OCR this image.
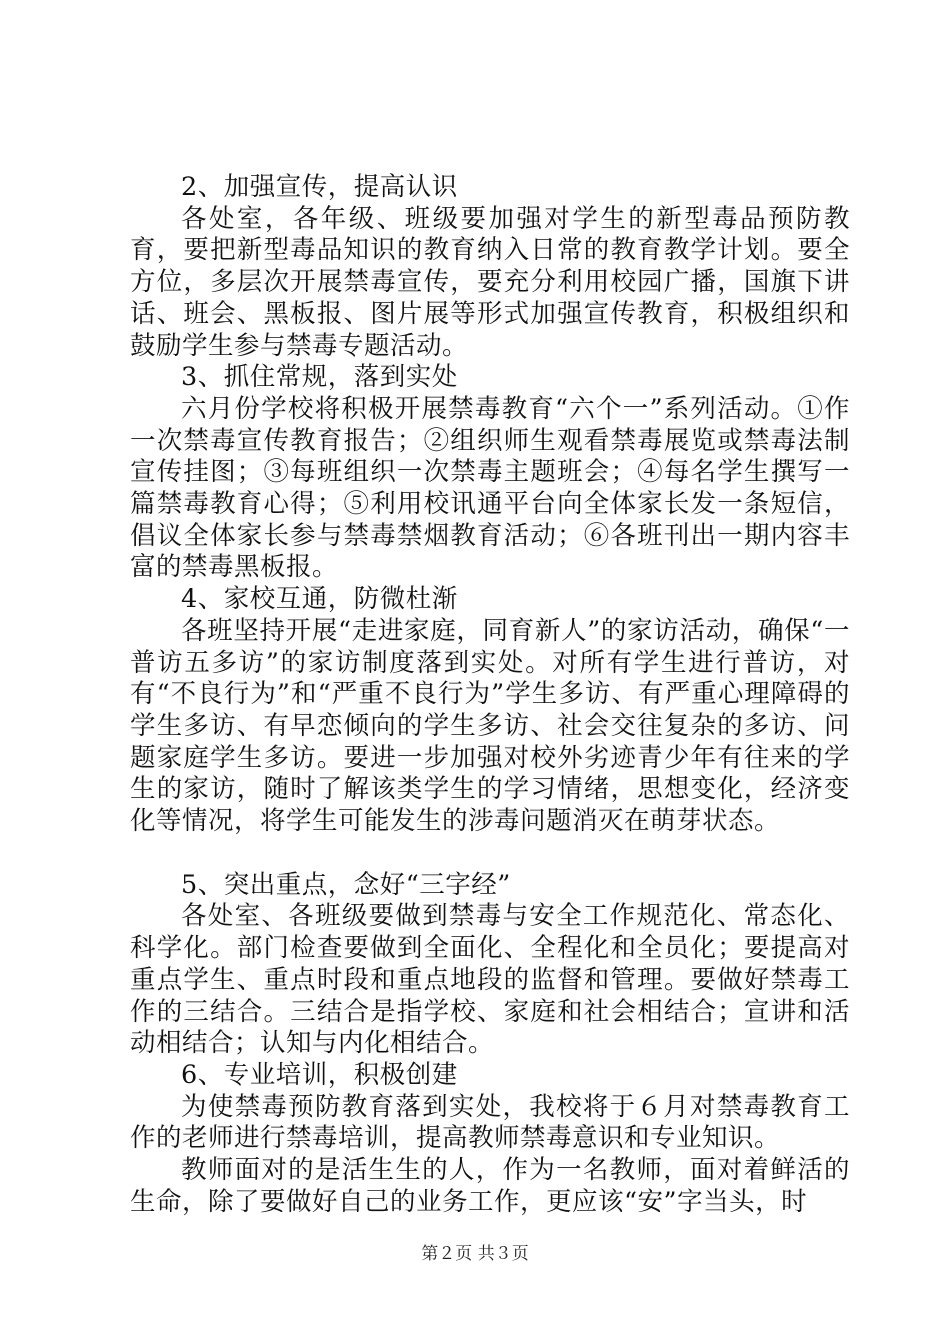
2、加强宣传，提高认识

各处室，各年级、班级要加强对学生的新型毒品预防教育，要把新型毒品知识的教育纳入日常的教育教学计划。要全方位，多层次开展禁毒宣传，要充分利用校园广播，国旗下讲话、班会、黑板报、图片展等形式加强宣传教育，积极组织和鼓励学生参与禁毒专题活动。

3、抓住常规，落到实处

六月份学校将积极开展禁毒教育“六个一”系列活动。①作一次禁毒宣传教育报告；②组织师生观看禁毒展览或禁毒法制宣传挂图；③每班组织一次禁毒主题班会；④每名学生撰写一篇禁毒教育心得；⑤利用校讯通平台向全体家长发一条短信，倡议全体家长参与禁毒禁烟教育活动；⑥各班刊出一期内容丰富的禁毒黑板报。

4、家校互通，防微杜渐

各班坚持开展“走进家庭，同育新人”的家访活动，确保“一普访五多访”的家访制度落到实处。对所有学生进行普访，对有“不良行为”和“严重不良行为”学生多访、有严重心理障碍的学生多访、有早恋倾向的学生多访、社会交往复杂的多访、问题家庭学生多访。要进一步加强对校外劣迹青少年有往来的学生的家访，随时了解该类学生的学习情绪，思想变化，经济变化等情况，将学生可能发生的涉毒问题消灭在萌芽状态。

5、突出重点，念好“三字经”

各处室、各班级要做到禁毒与安全工作规范化、常态化、科学化。部门检查要做到全面化、全程化和全员化；要提高对重点学生、重点时段和重点地段的监督和管理。要做好禁毒工作的三结合。三结合是指学校、家庭和社会相结合；宣讲和活动相结合；认知与内化相结合。

6、专业培训，积极创建

为使禁毒预防教育落到实处，我校将于６月对禁毒教育工作的老师进行禁毒培训，提高教师禁毒意识和专业知识。

教师面对的是活生生的人，作为一名教师，面对着鲜活的生命，除了要做好自己的业务工作，更应该“安”字当头，时

第２页 共３页
